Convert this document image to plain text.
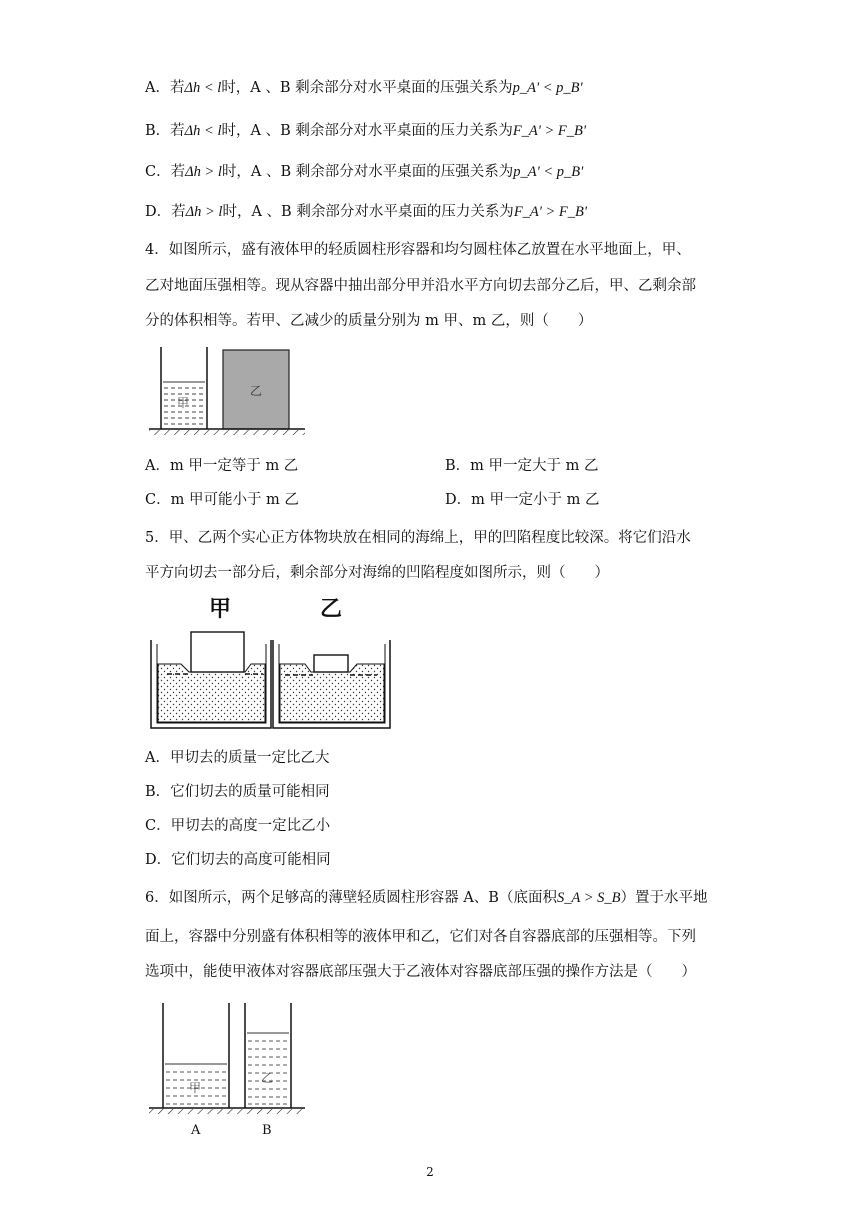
A．若Δh < l时，A 、B 剩余部分对水平桌面的压强关系为p_A' < p_B'
B．若Δh < l时，A 、B 剩余部分对水平桌面的压力关系为F_A' > F_B'
C．若Δh > l时，A 、B 剩余部分对水平桌面的压强关系为p_A' < p_B'
D．若Δh > l时，A 、B 剩余部分对水平桌面的压力关系为F_A' > F_B'
4．如图所示，盛有液体甲的轻质圆柱形容器和均匀圆柱体乙放置在水平地面上，甲、
乙对地面压强相等。现从容器中抽出部分甲并沿水平方向切去部分乙后，甲、乙剩余部
分的体积相等。若甲、乙减少的质量分别为 m 甲、m 乙，则（　　）
甲
乙
A．m 甲一定等于 m 乙	B．m 甲一定大于 m 乙
C．m 甲可能小于 m 乙	D．m 甲一定小于 m 乙
5．甲、乙两个实心正方体物块放在相同的海绵上，甲的凹陷程度比较深。将它们沿水
平方向切去一部分后，剩余部分对海绵的凹陷程度如图所示，则（　　）
甲	乙
A．甲切去的质量一定比乙大
B．它们切去的质量可能相同
C．甲切去的高度一定比乙小
D．它们切去的高度可能相同
6．如图所示，两个足够高的薄壁轻质圆柱形容器 A、B（底面积S_A > S_B）置于水平地
面上，容器中分别盛有体积相等的液体甲和乙，它们对各自容器底部的压强相等。下列
选项中，能使甲液体对容器底部压强大于乙液体对容器底部压强的操作方法是（　　）
甲
乙
A	B
2
